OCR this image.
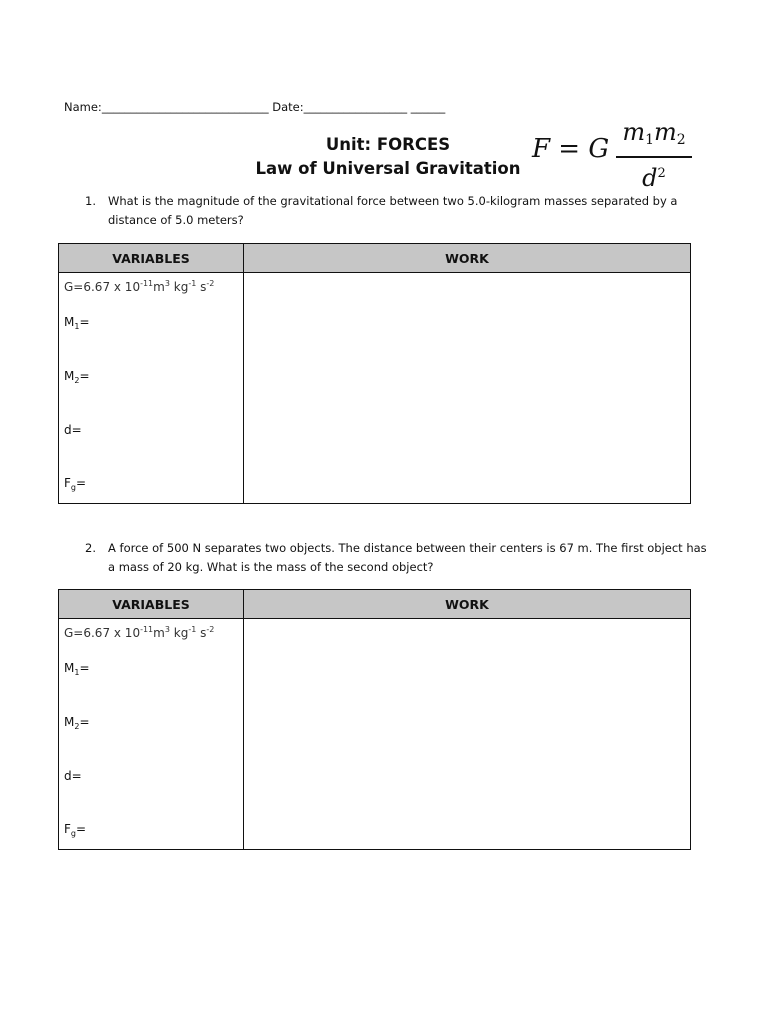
Name:_____________________________ Date:__________________ ______
Unit: FORCES
Law of Universal Gravitation
F = G
$m_1m_2$
$d^2$
1.	What is the magnitude of the gravitational force between two 5.0-kilogram masses separated by a distance of 5.0 meters?
VARIABLES	WORK

G=6.67 x $10^{-11}m^3$ $kg^{-1}$ $s^{-2}$
$M_1=$
$M_2=$
d=
$F_g=$	

2.	A force of 500 N separates two objects. The distance between their centers is 67 m. The first object has a mass of 20 kg. What is the mass of the second object?
VARIABLES	WORK

G=6.67 x $10^{-11}m^3$ $kg^{-1}$ $s^{-2}$
$M_1=$
$M_2=$
d=
$F_g=$	
